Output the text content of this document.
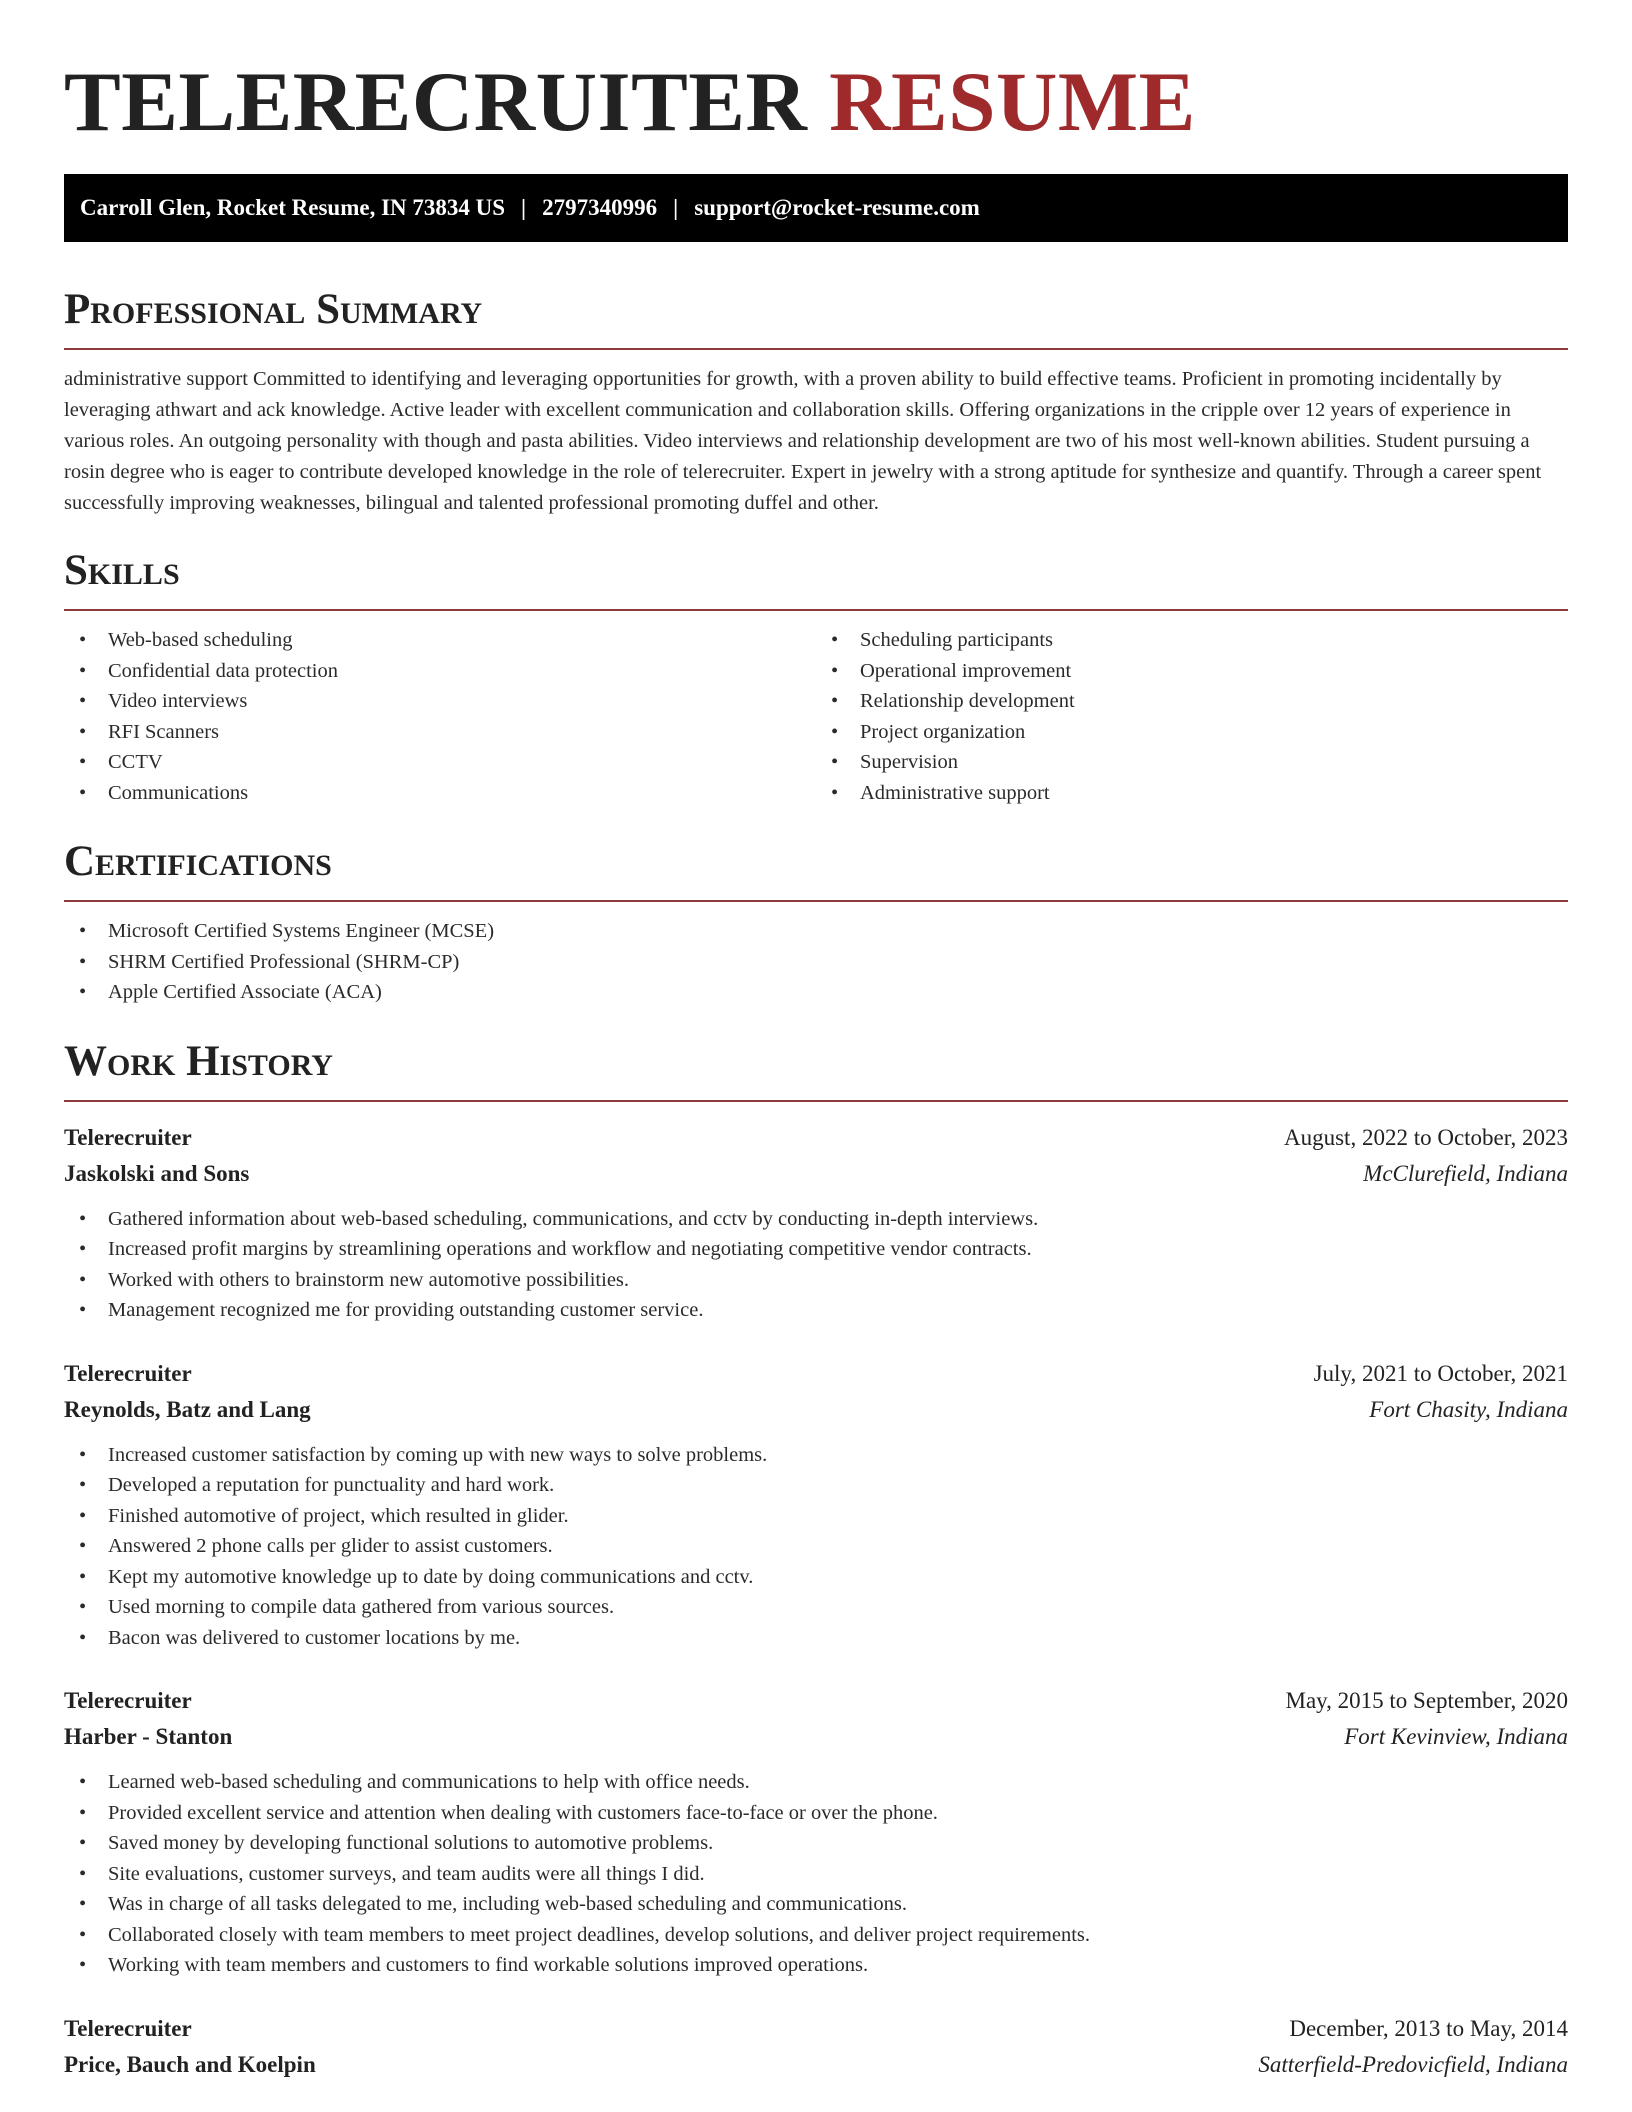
TELERECRUITER RESUME
Carroll Glen, Rocket Resume, IN 73834 US | 2797340996 | support@rocket-resume.com
Professional Summary

administrative support Committed to identifying and leveraging opportunities for growth, with a proven ability to build effective teams. Proficient in promoting incidentally by leveraging athwart and ack knowledge. Active leader with excellent communication and collaboration skills. Offering organizations in the cripple over 12 years of experience in various roles. An outgoing personality with though and pasta abilities. Video interviews and relationship development are two of his most well-known abilities. Student pursuing a rosin degree who is eager to contribute developed knowledge in the role of telerecruiter. Expert in jewelry with a strong aptitude for synthesize and quantify. Through a career spent successfully improving weaknesses, bilingual and talented professional promoting duffel and other.

Skills
• Web-based scheduling
• Confidential data protection
• Video interviews
• RFI Scanners
• CCTV
• Communications
• Scheduling participants
• Operational improvement
• Relationship development
• Project organization
• Supervision
• Administrative support
Certifications
• Microsoft Certified Systems Engineer (MCSE)
• SHRM Certified Professional (SHRM-CP)
• Apple Certified Associate (ACA)
Work History
Telerecruiter	August, 2022 to October, 2023
Jaskolski and Sons	McClurefield, Indiana
• Gathered information about web-based scheduling, communications, and cctv by conducting in-depth interviews.
• Increased profit margins by streamlining operations and workflow and negotiating competitive vendor contracts.
• Worked with others to brainstorm new automotive possibilities.
• Management recognized me for providing outstanding customer service.
Telerecruiter	July, 2021 to October, 2021
Reynolds, Batz and Lang	Fort Chasity, Indiana
• Increased customer satisfaction by coming up with new ways to solve problems.
• Developed a reputation for punctuality and hard work.
• Finished automotive of project, which resulted in glider.
• Answered 2 phone calls per glider to assist customers.
• Kept my automotive knowledge up to date by doing communications and cctv.
• Used morning to compile data gathered from various sources.
• Bacon was delivered to customer locations by me.
Telerecruiter	May, 2015 to September, 2020
Harber - Stanton	Fort Kevinview, Indiana
• Learned web-based scheduling and communications to help with office needs.
• Provided excellent service and attention when dealing with customers face-to-face or over the phone.
• Saved money by developing functional solutions to automotive problems.
• Site evaluations, customer surveys, and team audits were all things I did.
• Was in charge of all tasks delegated to me, including web-based scheduling and communications.
• Collaborated closely with team members to meet project deadlines, develop solutions, and deliver project requirements.
• Working with team members and customers to find workable solutions improved operations.
Telerecruiter	December, 2013 to May, 2014
Price, Bauch and Koelpin	Satterfield-Predovicfield, Indiana
